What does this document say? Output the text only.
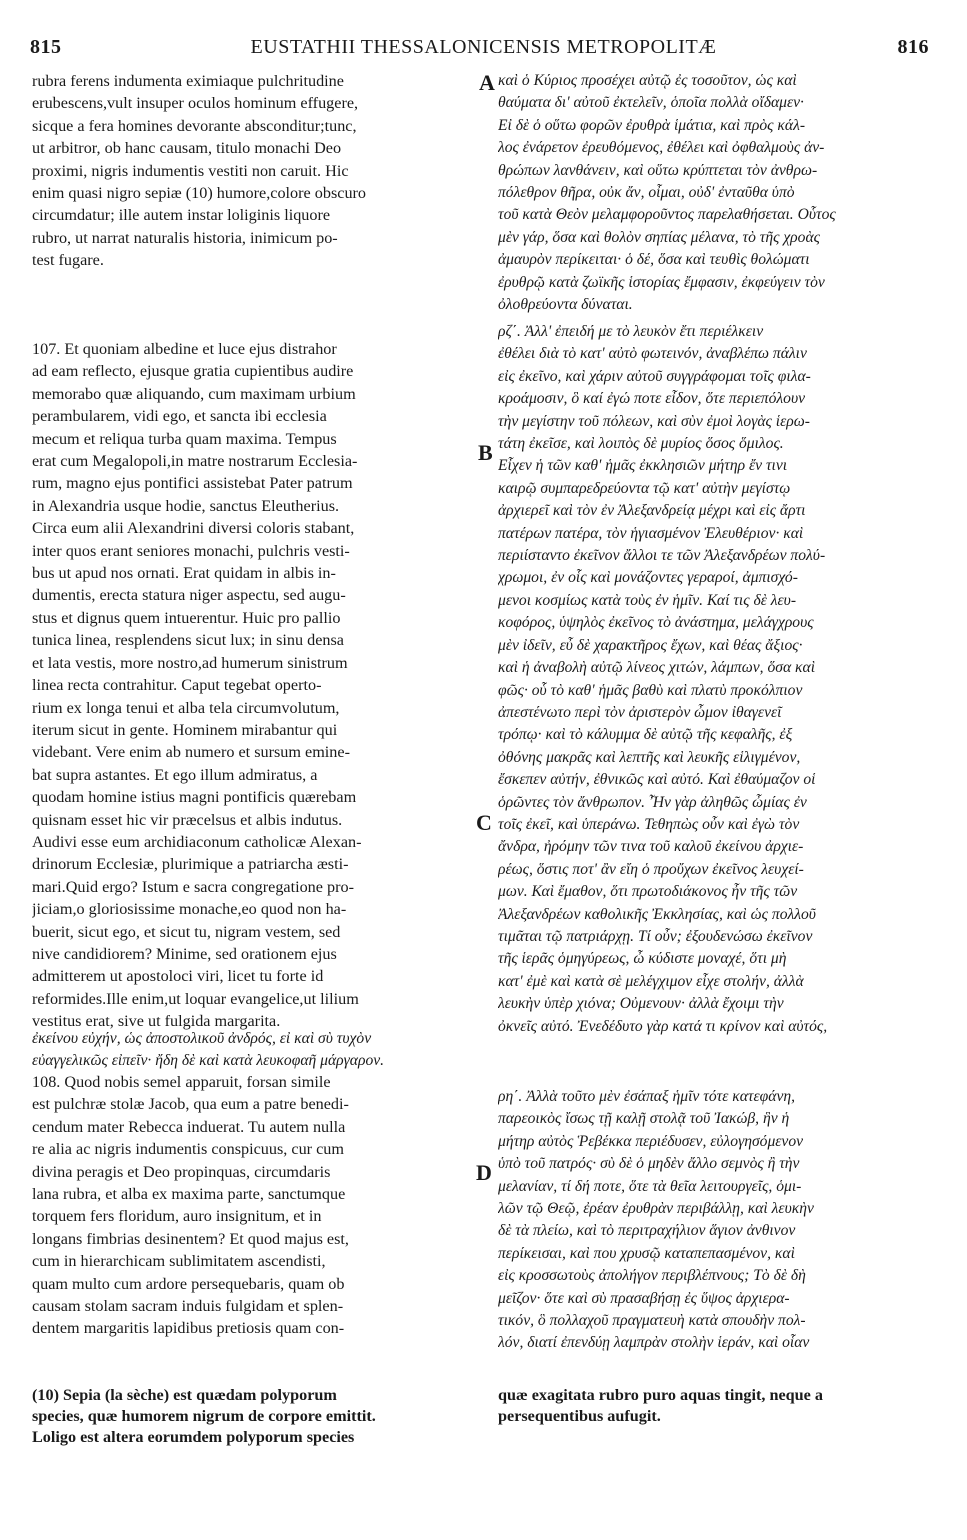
815	EUSTATHII THESSALONICENSIS METROPOLITÆ	816
A
B
C
D
rubra ferens indumenta eximiaque pulchritudine
erubescens,vult insuper oculos hominum effugere,
sicque a fera homines devorante absconditur;tunc,
ut arbitror, ob hanc causam, titulo monachi Deo
proximi, nigris indumentis vestiti non caruit. Hic
enim quasi nigro sepiæ (10) humore,colore obscuro
circumdatur; ille autem instar loliginis liquore
rubro, ut narrat naturalis historia, inimicum po-
test fugare.
καὶ ὁ Κύριος προσέχει αὐτῷ ἐς τοσοῦτον, ὡς καὶ
θαύματα δι' αὐτοῦ ἐκτελεῖν, ὁποῖα πολλὰ οἴδαμεν·
Εἰ δὲ ὁ οὕτω φορῶν ἐρυθρὰ ἱμάτια, καὶ πρὸς κάλ-
λος ἐνάρετον ἐρευθόμενος, ἐθέλει καὶ ὀφθαλμοὺς ἀν-
θρώπων λανθάνειν, καὶ οὕτω κρύπτεται τὸν ἀνθρω-
πόλεθρον θῆρα, οὐκ ἄν, οἶμαι, οὐδ' ἐνταῦθα ὑπὸ
τοῦ κατὰ Θεὸν μελαμφοροῦντος παρελαθήσεται. Οὗτος
μὲν γάρ, ὅσα καὶ θολὸν σηπίας μέλανα, τὸ τῆς χροὰς
ἀμαυρὸν περίκειται· ὁ δέ, ὅσα καὶ τευθὶς θολώματι
ἐρυθρῷ κατὰ ζωϊκῆς ἱστορίας ἔμφασιν, ἐκφεύγειν τὸν
ὀλοθρεύοντα δύναται.
107. Et quoniam albedine et luce ejus distrahor
ad eam reflecto, ejusque gratia cupientibus audire
memorabo quæ aliquando, cum maximam urbium
perambularem, vidi ego, et sancta ibi ecclesia
mecum et reliqua turba quam maxima. Tempus
erat cum Megalopoli,in matre nostrarum Ecclesia-
rum, magno ejus pontifici assistebat Pater patrum
in Alexandria usque hodie, sanctus Eleutherius.
Circa eum alii Alexandrini diversi coloris stabant,
inter quos erant seniores monachi, pulchris vesti-
bus ut apud nos ornati. Erat quidam in albis in-
dumentis, erecta statura niger aspectu, sed augu-
stus et dignus quem intuerentur. Huic pro pallio
tunica linea, resplendens sicut lux; in sinu densa
et lata vestis, more nostro,ad humerum sinistrum
linea recta contrahitur. Caput tegebat operto-
rium ex longa tenui et alba tela circumvolutum,
iterum sicut in gente. Hominem mirabantur qui
videbant. Vere enim ab numero et sursum emine-
bat supra astantes. Et ego illum admiratus, a
quodam homine istius magni pontificis quærebam
quisnam esset hic vir præcelsus et albis indutus.
Audivi esse eum archidiaconum catholicæ Alexan-
drinorum Ecclesiæ, plurimique a patriarcha æsti-
mari.Quid ergo? Istum e sacra congregatione pro-
jiciam,o gloriosissime monache,eo quod non ha-
buerit, sicut ego, et sicut tu, nigram vestem, sed
nive candidiorem? Minime, sed orationem ejus
admitterem ut apostoloci viri, licet tu forte id
reformides.Ille enim,ut loquar evangelice,ut lilium
vestitus erat, sive ut fulgida margarita.
ρζ΄. Ἀλλ' ἐπειδή με τὸ λευκὸν ἔτι περιέλκειν
ἐθέλει διὰ τὸ κατ' αὐτὸ φωτεινόν, ἀναβλέπω πάλιν
εἰς ἐκεῖνο, καὶ χάριν αὐτοῦ συγγράφομαι τοῖς φιλα-
κροάμοσιν, ὃ καί ἐγώ ποτε εἶδον, ὅτε περιεπόλουν
τὴν μεγίστην τοῦ πόλεων, καὶ σὺν ἐμοὶ λογὰς ἱερω-
τάτη ἐκεῖσε, καὶ λοιπὸς δὲ μυρίος ὅσος ὅμιλος.
Εἶχεν ἡ τῶν καθ' ἡμᾶς ἐκκλησιῶν μήτηρ ἔν τινι
καιρῷ συμπαρεδρεύοντα τῷ κατ' αὐτὴν μεγίστῳ
ἀρχιερεῖ καὶ τὸν ἐν Ἀλεξανδρείᾳ μέχρι καὶ εἰς ἄρτι
πατέρων πατέρα, τὸν ἡγιασμένον Ἐλευθέριον· καὶ
περιίσταντο ἐκεῖνον ἄλλοι τε τῶν Ἀλεξανδρέων πολύ-
χρωμοι, ἐν οἷς καὶ μονάζοντες γεραροί, ἀμπισχό-
μενοι κοσμίως κατὰ τοὺς ἐν ἡμῖν. Καί τις δὲ λευ-
κοφόρος, ὑψηλὸς ἐκεῖνος τὸ ἀνάστημα, μελάγχρους
μὲν ἰδεῖν, εὖ δὲ χαρακτῆρος ἔχων, καὶ θέας ἄξιος·
καὶ ἡ ἀναβολὴ αὐτῷ λίνεος χιτών, λάμπων, ὅσα καὶ
φῶς· οὗ τὸ καθ' ἡμᾶς βαθὺ καὶ πλατὺ προκόλπιον
ἀπεστένωτο περὶ τὸν ἀριστερὸν ὦμον ἰθαγενεῖ
τρόπῳ· καὶ τὸ κάλυμμα δὲ αὐτῷ τῆς κεφαλῆς, ἐξ
ὀθόνης μακρᾶς καὶ λεπτῆς καὶ λευκῆς εἱλιγμένον,
ἔσκεπεν αὐτήν, ἐθνικῶς καὶ αὐτό. Καὶ ἐθαύμαζον οἱ
ὁρῶντες τὸν ἄνθρωπον. Ἦν γὰρ ἀληθῶς ὦμίας ἐν
τοῖς ἐκεῖ, καὶ ὑπεράνω. Τεθηπὼς οὖν καὶ ἐγὼ τὸν
ἄνδρα, ἠρόμην τῶν τινα τοῦ καλοῦ ἐκείνου ἀρχιε-
ρέως, ὅστις ποτ' ἂν εἴη ὁ προὔχων ἐκεῖνος λευχεί-
μων. Καὶ ἔμαθον, ὅτι πρωτοδιάκονος ἦν τῆς τῶν
Ἀλεξανδρέων καθολικῆς Ἐκκλησίας, καὶ ὡς πολλοῦ
τιμᾶται τῷ πατριάρχῃ. Τί οὖν; ἐξουδενώσω ἐκεῖνον
τῆς ἱερᾶς ὁμηγύρεως, ὦ κύδιστε μοναχέ, ὅτι μὴ
κατ' ἐμὲ καὶ κατὰ σὲ μελέγχιμον εἶχε στολήν, ἀλλὰ
λευκὴν ὑπὲρ χιόνα; Οὐμενουν· ἀλλὰ ἔχοιμι τὴν
ὀκνεῖς αὐτό. Ἐνεδέδυτο γὰρ κατά τι κρίνον καὶ αὐτός,
ἐκείνου εὐχήν, ὡς ἀποστολικοῦ ἀνδρός, εἰ καὶ σὺ τυχὸν
εὐαγγελικῶς εἰπεῖν· ἤδη δὲ καὶ κατὰ λευκοφαῆ μάργαρον.
108. Quod nobis semel apparuit, forsan simile
est pulchræ stolæ Jacob, qua eum a patre benedi-
cendum mater Rebecca induerat. Tu autem nulla
re alia ac nigris indumentis conspicuus, cur cum
divina peragis et Deo propinquas, circumdaris
lana rubra, et alba ex maxima parte, sanctumque
torquem fers floridum, auro insignitum, et in
longans fimbrias desinentem? Et quod majus est,
cum in hierarchicam sublimitatem ascendisti,
quam multo cum ardore persequebaris, quam ob
causam stolam sacram induis fulgidam et splen-
dentem margaritis lapidibus pretiosis quam con-
ρη΄. Ἀλλὰ τοῦτο μὲν ἐσάπαξ ἡμῖν τότε κατεφάνη,
παρεοικὸς ἴσως τῇ καλῇ στολᾷ τοῦ Ἰακώβ, ἣν ἡ
μήτηρ αὐτὸς Ῥεβέκκα περιέδυσεν, εὐλογησόμενον
ὑπὸ τοῦ πατρός· σὺ δὲ ὁ μηδὲν ἄλλο σεμνὸς ἢ τὴν
μελανίαν, τί δή ποτε, ὅτε τὰ θεῖα λειτουργεῖς, ὁμι-
λῶν τῷ Θεῷ, ἐρέαν ἐρυθρὰν περιβάλλῃ, καὶ λευκὴν
δὲ τὰ πλείω, καὶ τὸ περιτραχήλιον ἅγιον ἀνθινον
περίκεισαι, καὶ που χρυσῷ καταπεπασμένον, καὶ
εἰς κροσσωτοὺς ἀπολήγον περιβλέπνους; Τὸ δὲ δὴ
μεῖζον· ὅτε καὶ σὺ πρασαβήσῃ ἐς ὕψος ἀρχιερα-
τικόν, ὃ πολλαχοῦ πραγματευὴ κατὰ σπουδὴν πολ-
λόν, διατί ἐπενδύῃ λαμπρὰν στολὴν ἱεράν, καὶ οἷαν
(10) Sepia (la sèche) est quædam polyporum
species, quæ humorem nigrum de corpore emittit.
Loligo est altera eorumdem polyporum species
quæ exagitata rubro puro aquas tingit, neque a
persequentibus aufugit.
